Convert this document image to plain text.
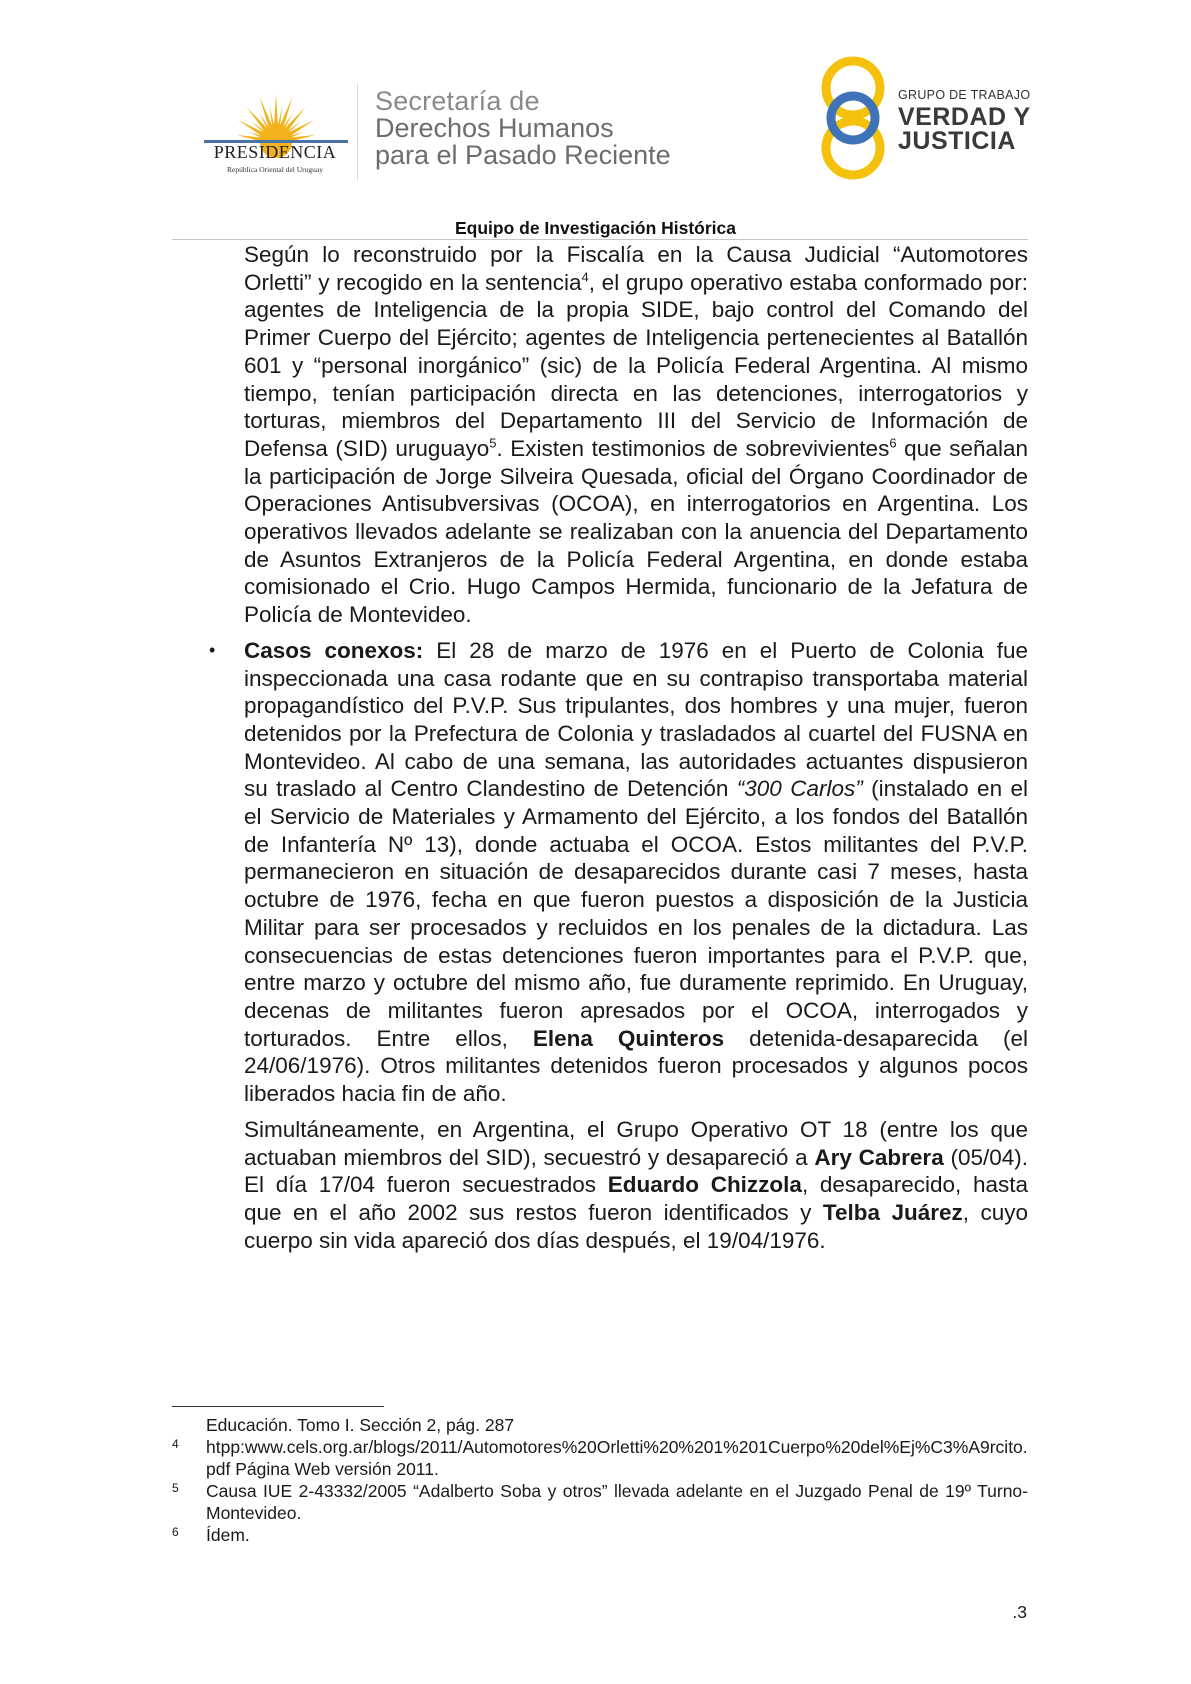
PRESIDENCIA
República Oriental del Uruguay
Secretaría de
Derechos Humanos
para el Pasado Reciente
GRUPO DE TRABAJO
VERDAD Y
JUSTICIA
Equipo de Investigación Histórica

Según lo reconstruido por la Fiscalía en la Causa Judicial “Automotores Orletti” y recogido en la sentencia$^4$, el grupo operativo estaba conformado por: agentes de Inteligencia de la propia SIDE, bajo control del Comando del Primer Cuerpo del Ejército; agentes de Inteligencia pertenecientes al Batallón 601 y “personal inorgánico” (sic) de la Policía Federal Argentina. Al mismo tiempo, tenían participación directa en las detenciones, interrogatorios y torturas, miembros del Departamento III del Servicio de Información de Defensa (SID) uruguayo$^5$. Existen testimonios de sobrevivientes$^6$ que señalan la participación de Jorge Silveira Quesada, oficial del Órgano Coordinador de Operaciones Antisubversivas (OCOA), en interrogatorios en Argentina. Los operativos llevados adelante se realizaban con la anuencia del Departamento de Asuntos Extranjeros de la Policía Federal Argentina, en donde estaba comisionado el Crio. Hugo Campos Hermida, funcionario de la Jefatura de Policía de Montevideo.

• Casos conexos: El 28 de marzo de 1976 en el Puerto de Colonia fue inspeccionada una casa rodante que en su contrapiso transportaba material propagandístico del P.V.P. Sus tripulantes, dos hombres y una mujer, fueron detenidos por la Prefectura de Colonia y trasladados al cuartel del FUSNA en Montevideo. Al cabo de una semana, las autoridades actuantes dispusieron su traslado al Centro Clandestino de Detención “300 Carlos” (instalado en el el Servicio de Materiales y Armamento del Ejército, a los fondos del Batallón de Infantería Nº 13), donde actuaba el OCOA. Estos militantes del P.V.P. permanecieron en situación de desaparecidos durante casi 7 meses, hasta octubre de 1976, fecha en que fueron puestos a disposición de la Justicia Militar para ser procesados y recluidos en los penales de la dictadura. Las consecuencias de estas detenciones fueron importantes para el P.V.P. que, entre marzo y octubre del mismo año, fue duramente reprimido. En Uruguay, decenas de militantes fueron apresados por el OCOA, interrogados y torturados. Entre ellos, Elena Quinteros detenida-desaparecida (el 24/06/1976). Otros militantes detenidos fueron procesados y algunos pocos liberados hacia fin de año.

Simultáneamente, en Argentina, el Grupo Operativo OT 18 (entre los que actuaban miembros del SID), secuestró y desapareció a Ary Cabrera (05/04). El día 17/04 fueron secuestrados Eduardo Chizzola, desaparecido, hasta que en el año 2002 sus restos fueron identificados y Telba Juárez, cuyo cuerpo sin vida apareció dos días después, el 19/04/1976.

Educación. Tomo I. Sección 2, pág. 287
4 htpp:www.cels.org.ar/blogs/2011/Automotores%20Orletti%20%201%201Cuerpo%20del%Ej%C3%A9rcito.pdf Página Web versión 2011.
5 Causa IUE 2-43332/2005 “Adalberto Soba y otros” llevada adelante en el Juzgado Penal de 19º Turno-Montevideo.
6 Ídem.
.3
